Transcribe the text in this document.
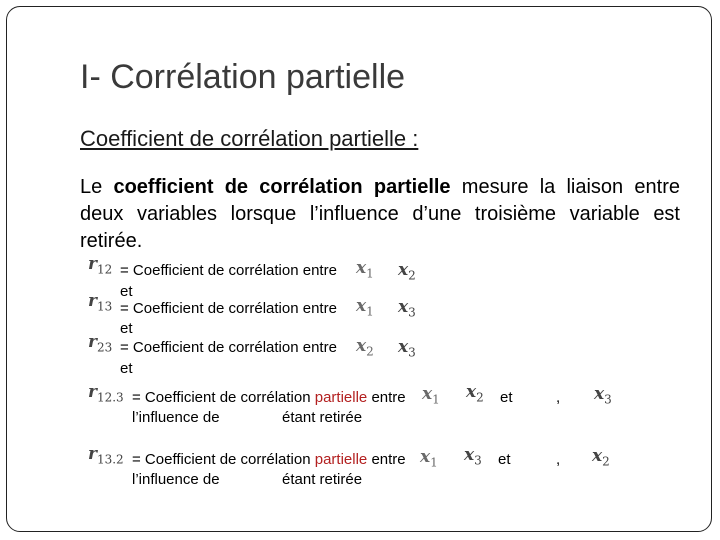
I- Corrélation partielle
Coefficient de corrélation partielle :
Le coefficient de corrélation partielle mesure la liaison entre deux variables lorsque l’influence d’une troisième variable est retirée.
$r_{12}$ = Coefficient de corrélation entre $x_1$
et
$x_2$
$r_{13}$ = Coefficient de corrélation entre $x_1$
et
$x_3$
$r_{23}$ = Coefficient de corrélation entre $x_2$
et
$x_3$
$r_{12.3}$ = Coefficient de corrélation partielle entre $x_1$ $x_2$ et	, $x_3$
l’influence de	étant retirée
$r_{13.2}$ = Coefficient de corrélation partielle entre $x_1$ $x_3$ et	, $x_2$
l’influence de	étant retirée
